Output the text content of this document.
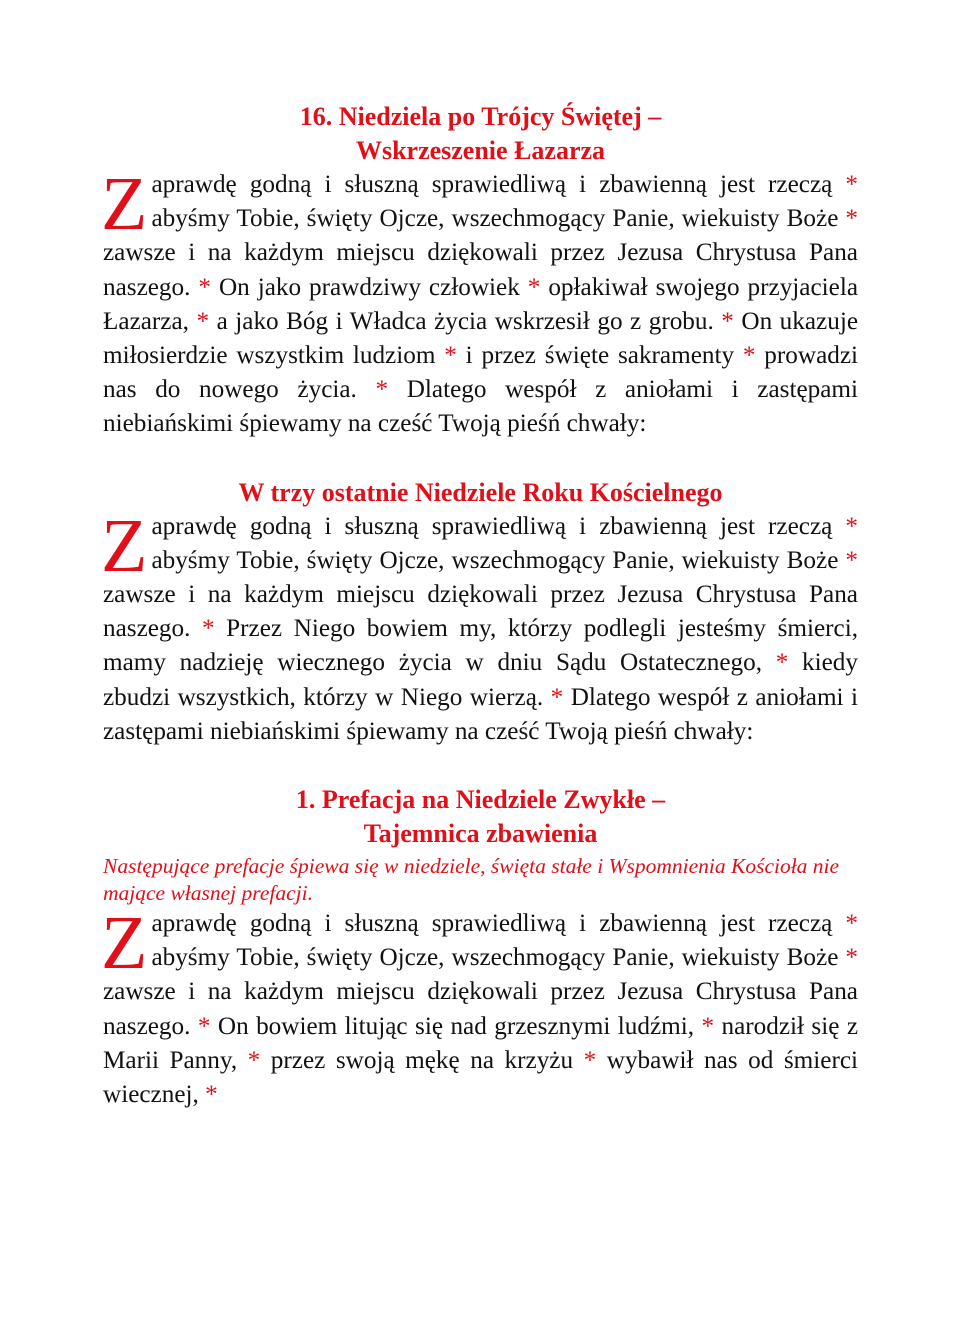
16. Niedziela po Trójcy Świętej –
Wskrzeszenie Łazarza
Zaprawdę godną i słuszną sprawiedliwą i zbawienną jest rzeczą * abyśmy Tobie, święty Ojcze, wszechmogący Panie, wiekuisty Boże * zawsze i na każdym miejscu dziękowali przez Jezusa Chrystusa Pana naszego. * On jako prawdziwy człowiek * opłakiwał swojego przyjaciela Łazarza, * a jako Bóg i Władca życia wskrzesił go z grobu. * On ukazuje miłosierdzie wszystkim ludziom * i przez święte sakramenty * prowadzi nas do nowego życia. * Dlatego wespół z aniołami i zastępami niebiańskimi śpiewamy na cześć Twoją pieśń chwały:
W trzy ostatnie Niedziele Roku Kościelnego
Zaprawdę godną i słuszną sprawiedliwą i zbawienną jest rzeczą * abyśmy Tobie, święty Ojcze, wszechmogący Panie, wiekuisty Boże * zawsze i na każdym miejscu dziękowali przez Jezusa Chrystusa Pana naszego. * Przez Niego bowiem my, którzy podlegli jesteśmy śmierci, mamy nadzieję wiecznego życia w dniu Sądu Ostatecznego, * kiedy zbudzi wszystkich, którzy w Niego wierzą. * Dlatego wespół z aniołami i zastępami niebiańskimi śpiewamy na cześć Twoją pieśń chwały:
1. Prefacja na Niedziele Zwykłe –
Tajemnica zbawienia
Następujące prefacje śpiewa się w niedziele, święta stałe i Wspomnienia Kościoła nie mające własnej prefacji.
Zaprawdę godną i słuszną sprawiedliwą i zbawienną jest rzeczą * abyśmy Tobie, święty Ojcze, wszechmogący Panie, wiekuisty Boże * zawsze i na każdym miejscu dziękowali przez Jezusa Chrystusa Pana naszego. * On bowiem litując się nad grzesznymi ludźmi, * narodził się z Marii Panny, * przez swoją mękę na krzyżu * wybawił nas od śmierci wiecznej, *
